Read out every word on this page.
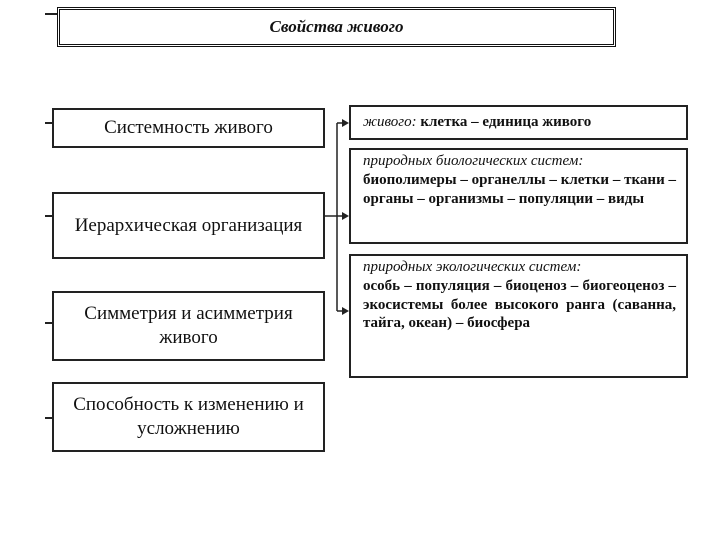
Свойства живого
Системность живого
Иерархическая организация
Симметрия и асимметрия живого
Способность к изменению и усложнению
живого: клетка – единица живого
природных биологических систем:
биополимеры – органеллы – клетки – ткани – органы – организмы – популяции – виды
природных экологических систем:
особь – популяция – биоценоз – биогеоценоз – экосистемы более высокого ранга (саванна, тайга, океан) – биосфера
